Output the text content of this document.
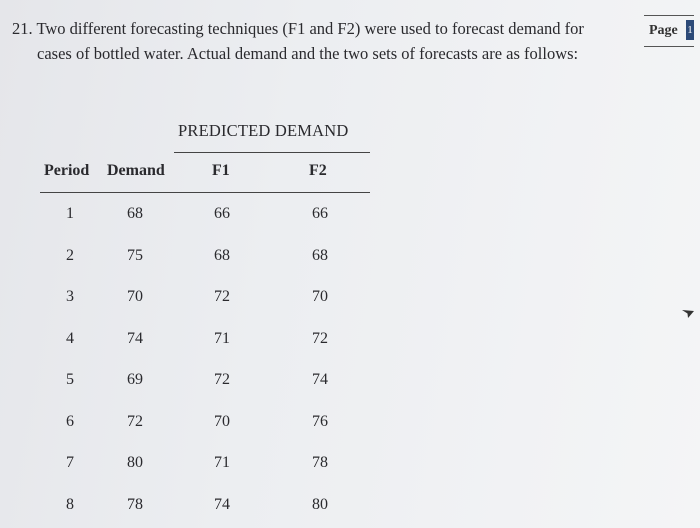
21. Two different forecasting techniques (F1 and F2) were used to forecast demand for
cases of bottled water. Actual demand and the two sets of forecasts are as follows:
Page 1
PREDICTED DEMAND
Period Demand	F1	F2
1	68	66	66
2	75	68	68
3	70	72	70
4	74	71	72
5	69	72	74
6	72	70	76
7	80	71	78
8	78	74	80
